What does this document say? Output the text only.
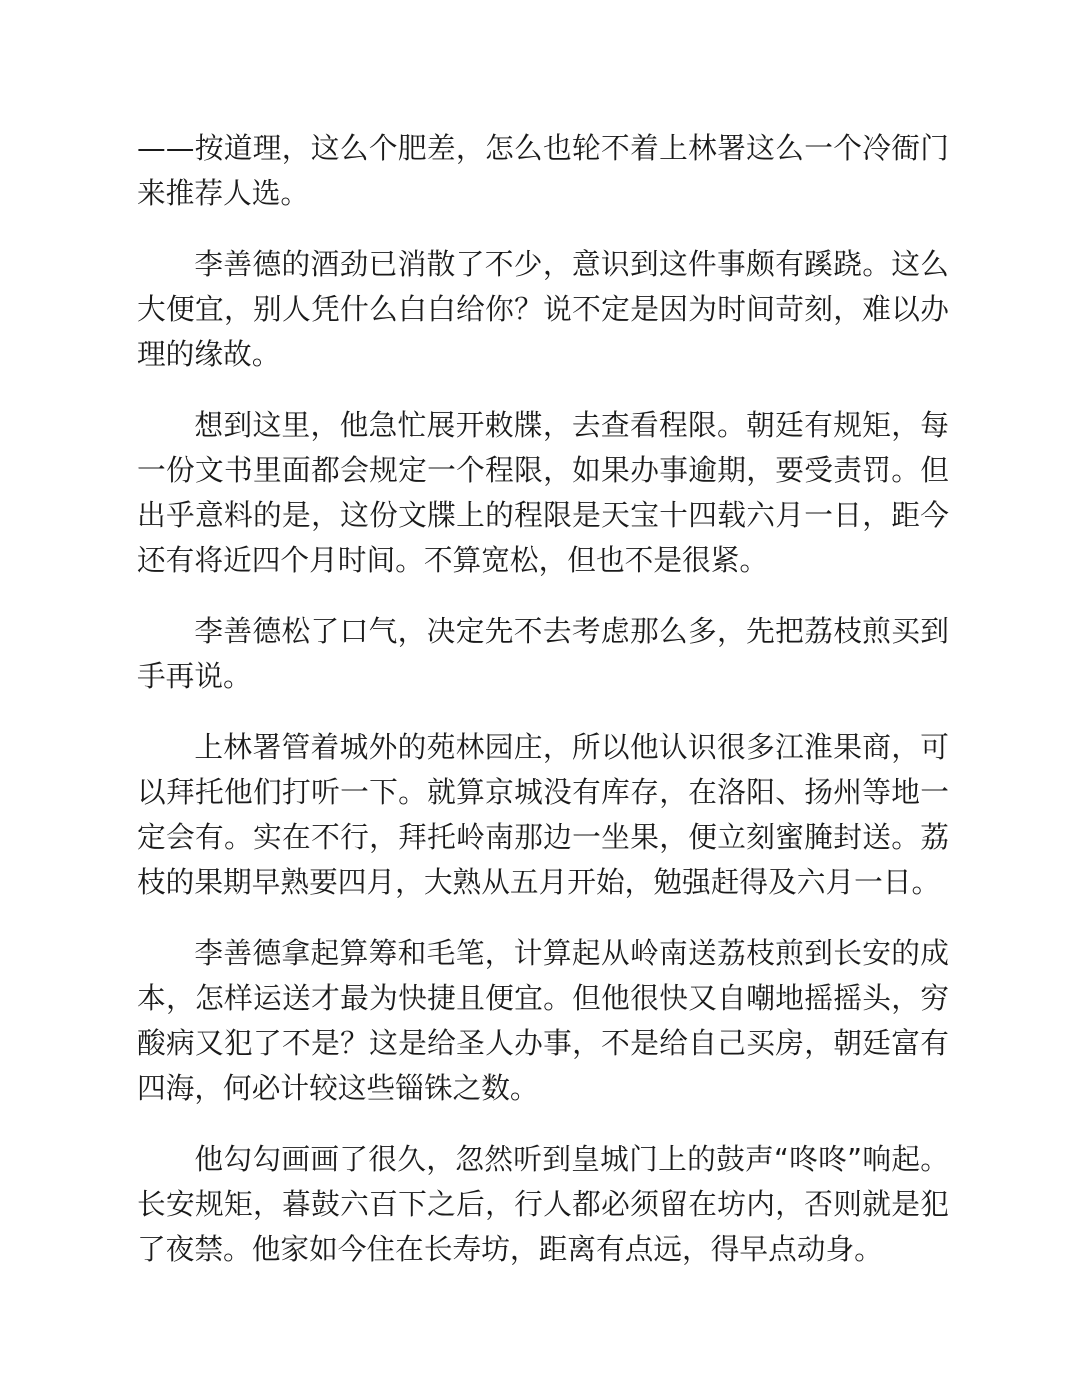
——按道理，这么个肥差，怎么也轮不着上林署这么一个冷衙门来推荐人选。

李善德的酒劲已消散了不少，意识到这件事颇有蹊跷。这么大便宜，别人凭什么白白给你？说不定是因为时间苛刻，难以办理的缘故。

想到这里，他急忙展开敕牒，去查看程限。朝廷有规矩，每一份文书里面都会规定一个程限，如果办事逾期，要受责罚。但出乎意料的是，这份文牒上的程限是天宝十四载六月一日，距今还有将近四个月时间。不算宽松，但也不是很紧。

李善德松了口气，决定先不去考虑那么多，先把荔枝煎买到手再说。

上林署管着城外的苑林园庄，所以他认识很多江淮果商，可以拜托他们打听一下。就算京城没有库存，在洛阳、扬州等地一定会有。实在不行，拜托岭南那边一坐果，便立刻蜜腌封送。荔枝的果期早熟要四月，大熟从五月开始，勉强赶得及六月一日。

李善德拿起算筹和毛笔，计算起从岭南送荔枝煎到长安的成本，怎样运送才最为快捷且便宜。但他很快又自嘲地摇摇头，穷酸病又犯了不是？这是给圣人办事，不是给自己买房，朝廷富有四海，何必计较这些锱铢之数。

他勾勾画画了很久，忽然听到皇城门上的鼓声“咚咚”响起。长安规矩，暮鼓六百下之后，行人都必须留在坊内，否则就是犯了夜禁。他家如今住在长寿坊，距离有点远，得早点动身。
